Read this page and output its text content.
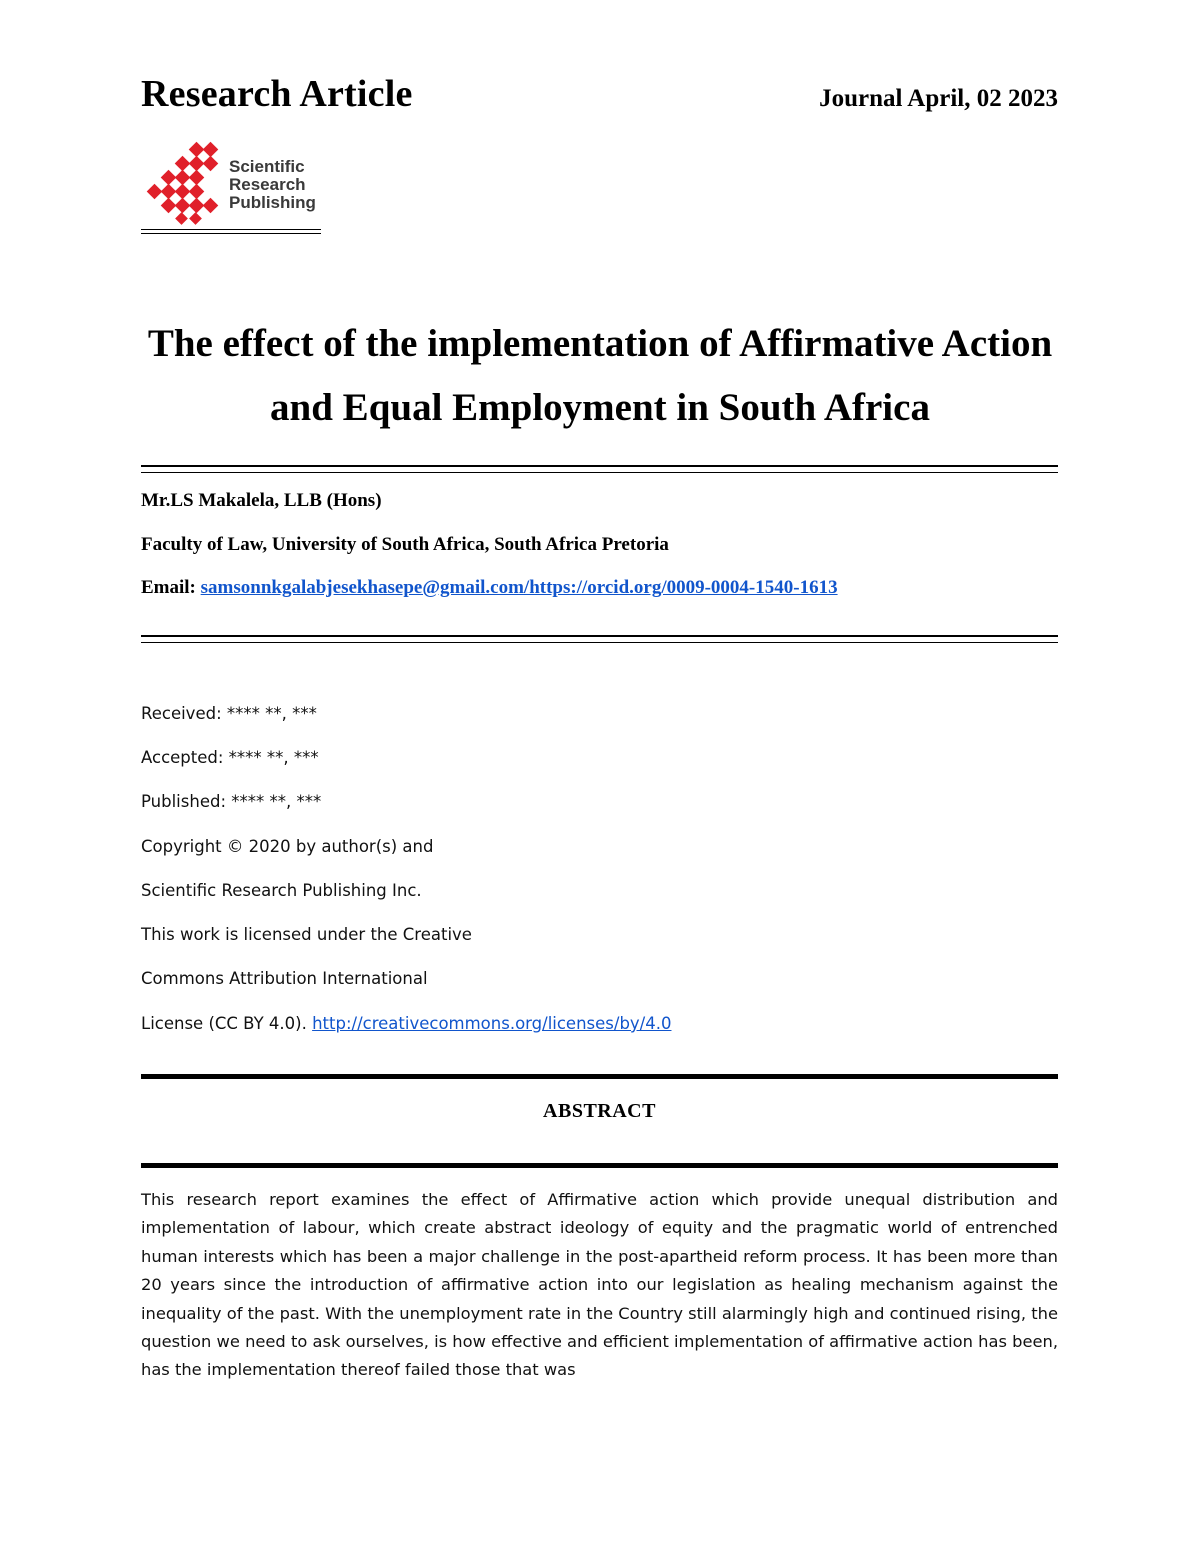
Research Article	Journal April, 02 2023
Scientific
Research
Publishing
The effect of the implementation of Affirmative Action
and Equal Employment in South Africa
Mr.LS Makalela, LLB (Hons)
Faculty of Law, University of South Africa, South Africa Pretoria
Email: samsonnkgalabjesekhasepe@gmail.com/https://orcid.org/0009-0004-1540-1613
Received: **** **, ***
Accepted: **** **, ***
Published: **** **, ***
Copyright © 2020 by author(s) and
Scientific Research Publishing Inc.
This work is licensed under the Creative
Commons Attribution International
License (CC BY 4.0). http://creativecommons.org/licenses/by/4.0
ABSTRACT
This research report examines the effect of Affirmative action which provide unequal distribution and implementation of labour, which create abstract ideology of equity and the pragmatic world of entrenched human interests which has been a major challenge in the post-apartheid reform process. It has been more than 20 years since the introduction of affirmative action into our legislation as healing mechanism against the inequality of the past. With the unemployment rate in the Country still alarmingly high and continued rising, the question we need to ask ourselves, is how effective and efficient implementation of affirmative action has been, has the implementation thereof failed those that was
